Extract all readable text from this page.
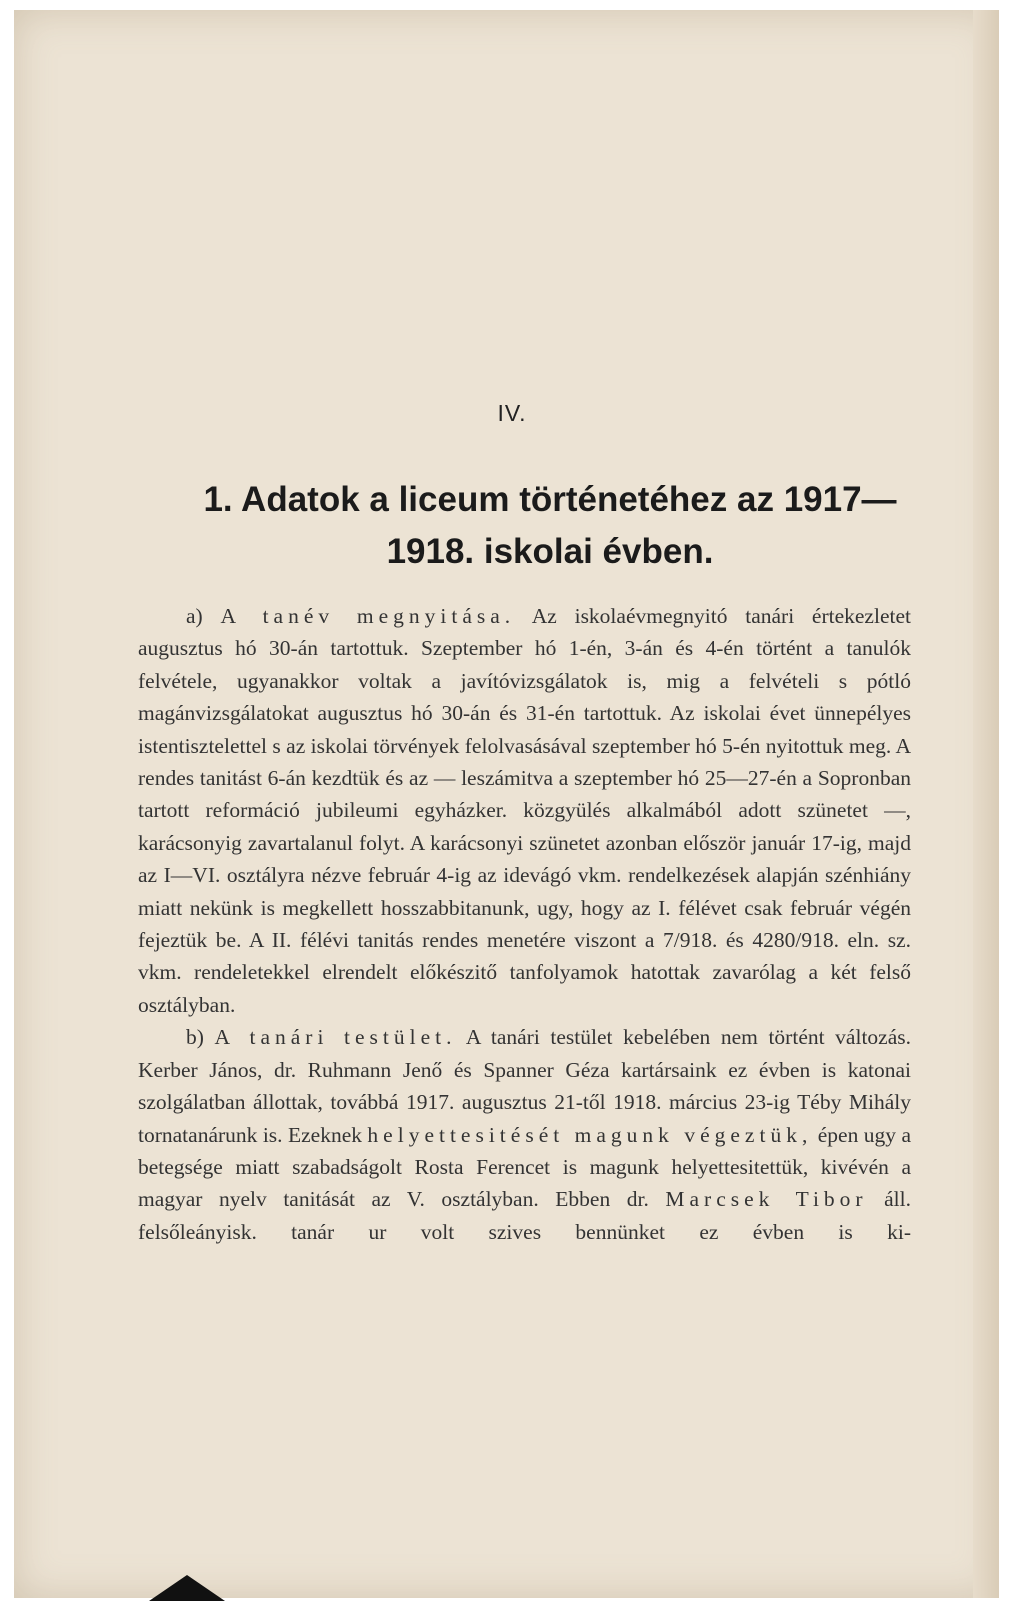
IV.
1. Adatok a liceum történetéhez az 1917—1918. iskolai évben.

a) A tanév megnyitása. Az iskolaévmegnyitó tanári értekezletet augusztus hó 30-án tartottuk. Szeptember hó 1-én, 3-án és 4-én történt a tanulók felvétele, ugyanakkor voltak a javítóvizsgálatok is, mig a felvételi s pótló magánvizsgálatokat augusztus hó 30-án és 31-én tartottuk. Az iskolai évet ünnepélyes istentisztelettel s az iskolai törvények felolvasásával szeptember hó 5-én nyitottuk meg. A rendes tanitást 6-án kezdtük és az — leszámitva a szeptember hó 25—27-én a Sopronban tartott reformáció jubileumi egyházker. közgyülés alkalmából adott szünetet —, karácsonyig zavartalanul folyt. A karácsonyi szünetet azonban először január 17-ig, majd az I—VI. osztályra nézve február 4-ig az idevágó vkm. rendelkezések alapján szénhiány miatt nekünk is megkellett hosszabbitanunk, ugy, hogy az I. félévet csak február végén fejeztük be. A II. félévi tanitás rendes menetére viszont a 7/918. és 4280/918. eln. sz. vkm. rendeletekkel elrendelt előkészitő tanfolyamok hatottak zavarólag a két felső osztályban.

b) A tanári testület. A tanári testület kebelében nem történt változás. Kerber János, dr. Ruhmann Jenő és Spanner Géza kartársaink ez évben is katonai szolgálatban állottak, továbbá 1917. augusztus 21-től 1918. március 23-ig Téby Mihály tornatanárunk is. Ezeknek helyettesitését magunk végeztük, épen ugy a betegsége miatt szabadságolt Rosta Ferencet is magunk helyettesitettük, kivévén a magyar nyelv tanitását az V. osztályban. Ebben dr. Marcsek Tibor áll. felsőleányisk. tanár ur volt szives bennünket ez évben is ki-
